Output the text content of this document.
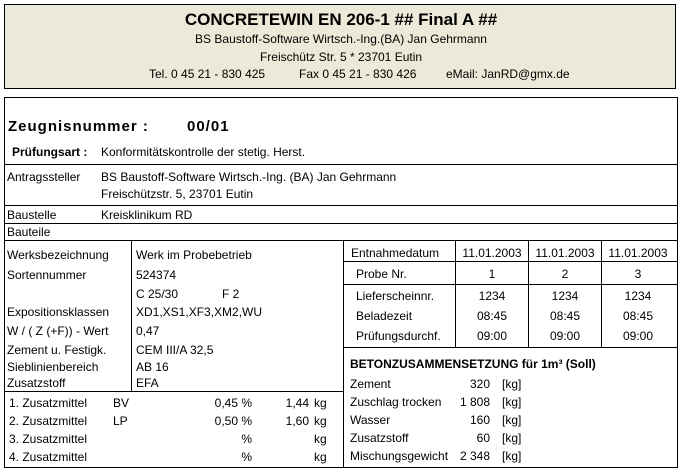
CONCRETEWIN EN 206-1 ## Final A ##
BS Baustoff-Software Wirtsch.-Ing.(BA) Jan Gehrmann
Freischütz Str. 5 * 23701 Eutin
Tel. 0 45 21 - 830 425	Fax 0 45 21 - 830 426 eMail: JanRD@gmx.de
Zeugnisnummer :	00/01
Prüfungsart : Konformitätskontrolle der stetig. Herst.
Antragssteller BS Baustoff-Software Wirtsch.-Ing. (BA) Jan Gehrmann
Freischützstr. 5, 23701 Eutin
Baustelle	Kreisklinikum RD
Bauteile
Werksbezeichnung Werk im Probebetrieb
Sortennummer	524374
C 25/30	F 2
Expositionsklassen XD1,XS1,XF3,XM2,WU
W / ( Z (+F)) - Wert 0,47
Zement u. Festigk. CEM III/A 32,5
Sieblinienbereich	AB 16
Zusatzstoff	EFA
1. Zusatzmittel BV	0,45 %	1,44 kg
2. Zusatzmittel LP	0,50 %	1,60 kg
3. Zusatzmittel	%	kg
4. Zusatzmittel	%	kg
Entnahmedatum	11.01.2003	11.01.2003	11.01.2003
Probe Nr.	1	2	3
Lieferscheinnr.	1234	1234	1234
Beladezeit	08:45	08:45	08:45
Prüfungsdurchf.	09:00	09:00	09:00
BETONZUSAMMENSETZUNG für 1m³ (Soll)
Zement	320 [kg]
Zuschlag trocken	1 808 [kg]
Wasser	160 [kg]
Zusatzstoff	60 [kg]
Mischungsgewicht 2 348 [kg]
